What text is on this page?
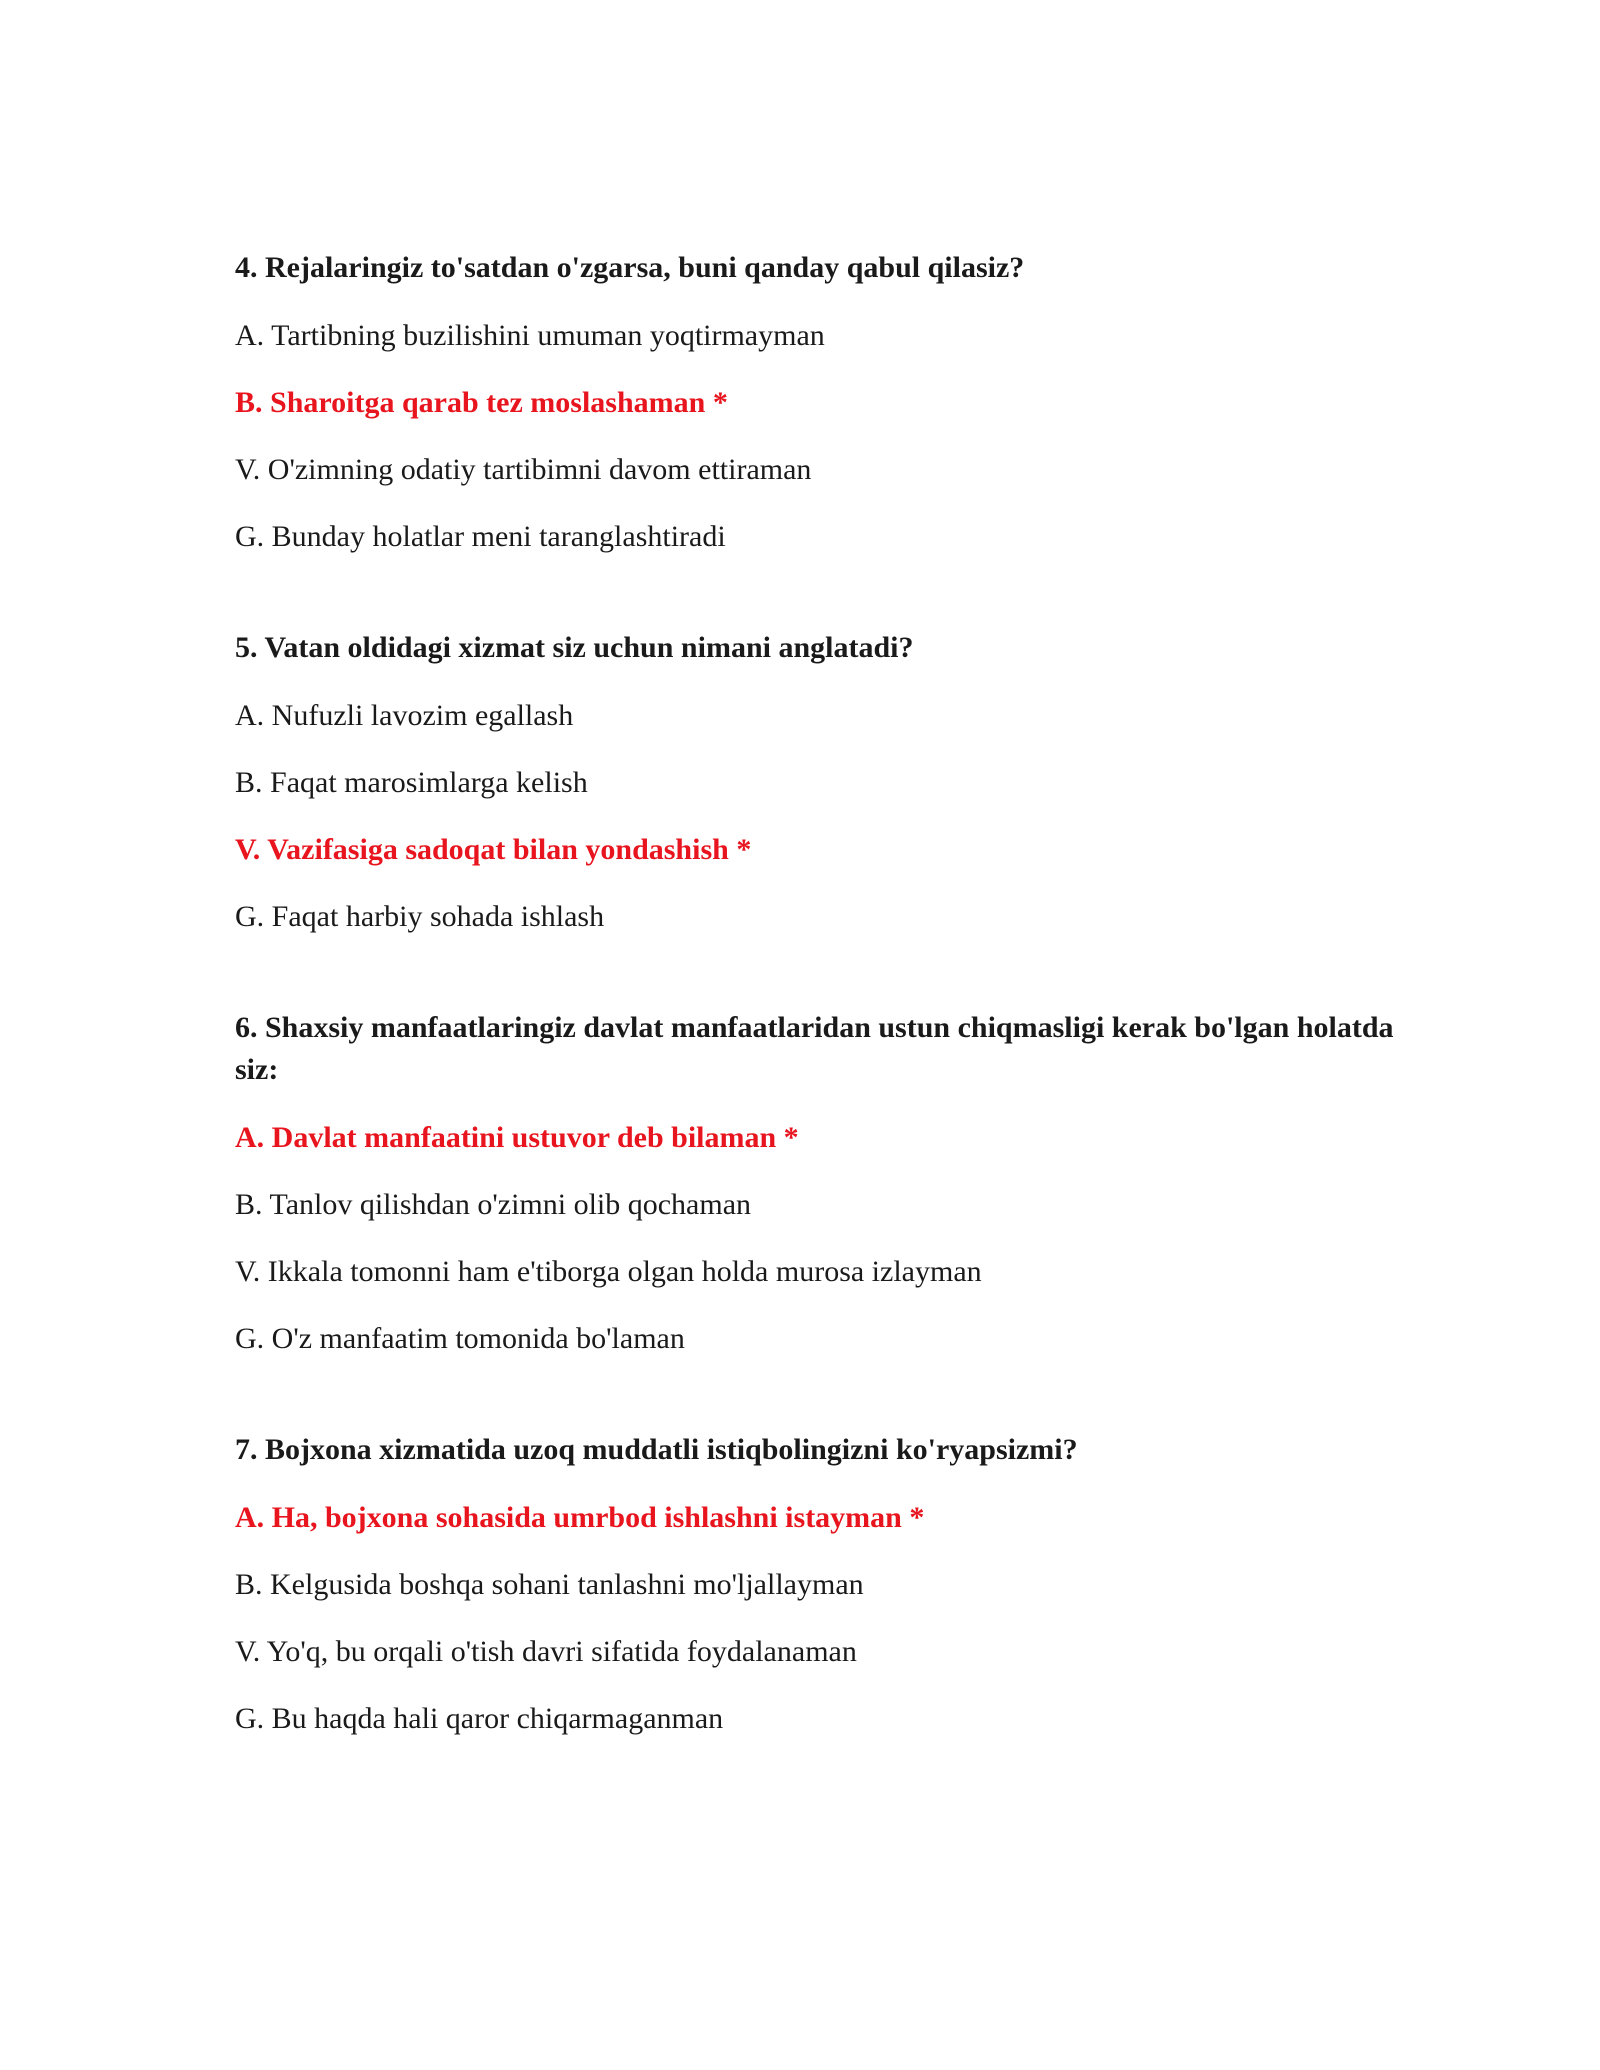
4. Rejalaringiz to'satdan o'zgarsa, buni qanday qabul qilasiz?

A. Tartibning buzilishini umuman yoqtirmayman

B. Sharoitga qarab tez moslashaman *

V. O'zimning odatiy tartibimni davom ettiraman

G. Bunday holatlar meni taranglashtiradi

5. Vatan oldidagi xizmat siz uchun nimani anglatadi?

A. Nufuzli lavozim egallash

B. Faqat marosimlarga kelish

V. Vazifasiga sadoqat bilan yondashish *

G. Faqat harbiy sohada ishlash

6. Shaxsiy manfaatlaringiz davlat manfaatlaridan ustun chiqmasligi kerak bo'lgan holatda siz:

A. Davlat manfaatini ustuvor deb bilaman *

B. Tanlov qilishdan o'zimni olib qochaman

V. Ikkala tomonni ham e'tiborga olgan holda murosa izlayman

G. O'z manfaatim tomonida bo'laman

7. Bojxona xizmatida uzoq muddatli istiqbolingizni ko'ryapsizmi?

A. Ha, bojxona sohasida umrbod ishlashni istayman *

B. Kelgusida boshqa sohani tanlashni mo'ljallayman

V. Yo'q, bu orqali o'tish davri sifatida foydalanaman

G. Bu haqda hali qaror chiqarmaganman
